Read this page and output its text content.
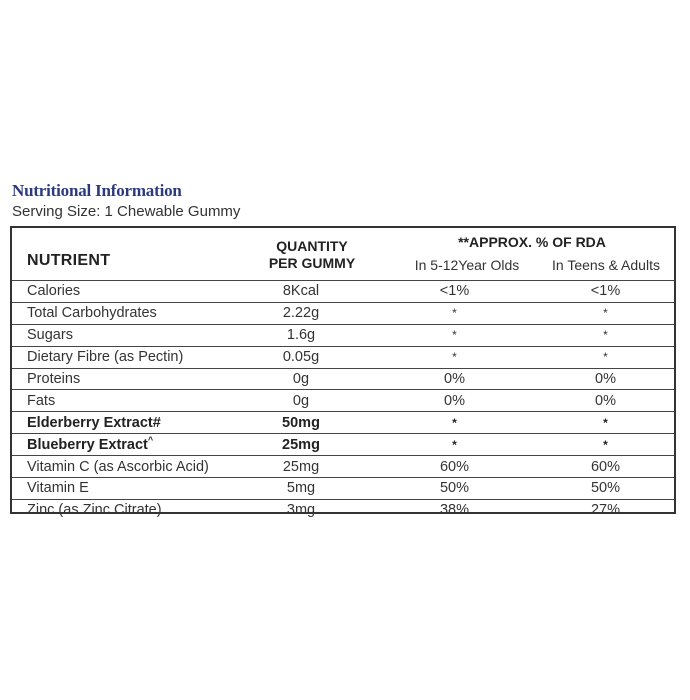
Nutritional Information
Serving Size: 1 Chewable Gummy
NUTRIENT
QUANTITY
PER GUMMY
**APPROX. % OF RDA
In 5-12Year Olds	In Teens & Adults
Calories	8Kcal	<1%	<1%
Total Carbohydrates	2.22g	*	*
Sugars	1.6g	*	*
Dietary Fibre (as Pectin)	0.05g	*	*
Proteins	0g	0%	0%
Fats	0g	0%	0%
Elderberry Extract#	50mg	*	*
Blueberry Extract^	25mg	*	*
Vitamin C (as Ascorbic Acid)	25mg	60%	60%
Vitamin E	5mg	50%	50%
Zinc (as Zinc Citrate)	3mg	38%	27%
